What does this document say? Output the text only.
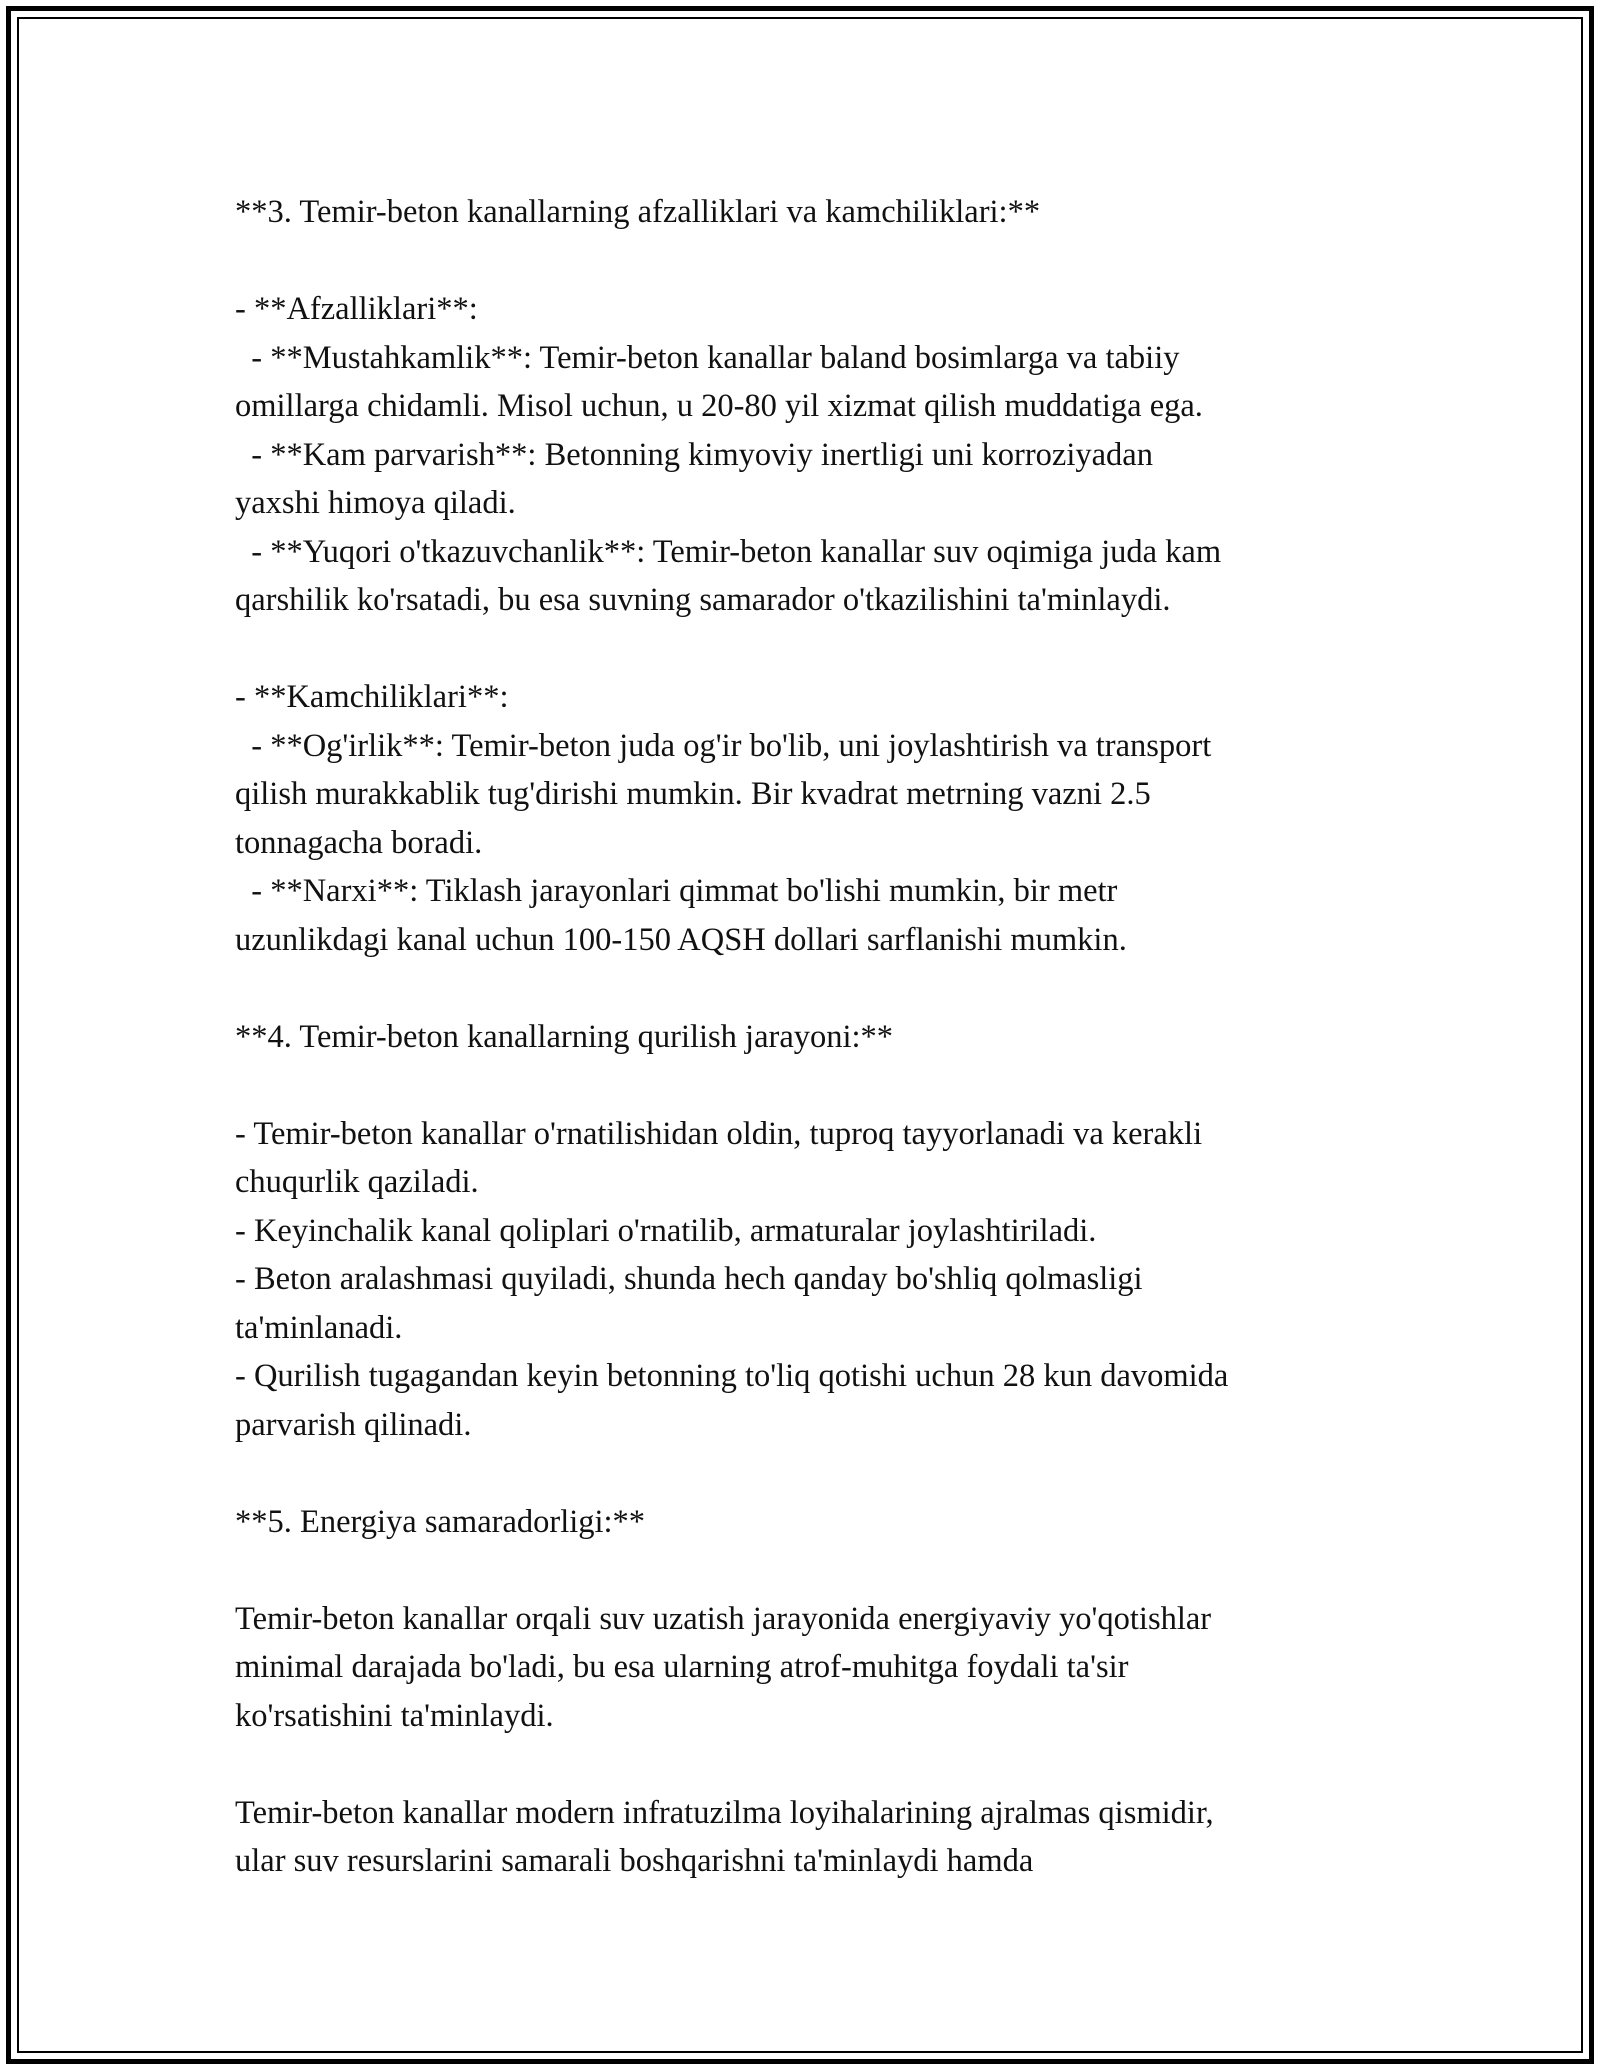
**3. Temir-beton kanallarning afzalliklari va kamchiliklari:**
- **Afzalliklari**:
- **Mustahkamlik**: Temir-beton kanallar baland bosimlarga va tabiiy
omillarga chidamli. Misol uchun, u 20-80 yil xizmat qilish muddatiga ega.
- **Kam parvarish**: Betonning kimyoviy inertligi uni korroziyadan
yaxshi himoya qiladi.
- **Yuqori o'tkazuvchanlik**: Temir-beton kanallar suv oqimiga juda kam
qarshilik ko'rsatadi, bu esa suvning samarador o'tkazilishini ta'minlaydi.
- **Kamchiliklari**:
- **Og'irlik**: Temir-beton juda og'ir bo'lib, uni joylashtirish va transport
qilish murakkablik tug'dirishi mumkin. Bir kvadrat metrning vazni 2.5
tonnagacha boradi.
- **Narxi**: Tiklash jarayonlari qimmat bo'lishi mumkin, bir metr
uzunlikdagi kanal uchun 100-150 AQSH dollari sarflanishi mumkin.
**4. Temir-beton kanallarning qurilish jarayoni:**
- Temir-beton kanallar o'rnatilishidan oldin, tuproq tayyorlanadi va kerakli
chuqurlik qaziladi.
- Keyinchalik kanal qoliplari o'rnatilib, armaturalar joylashtiriladi.
- Beton aralashmasi quyiladi, shunda hech qanday bo'shliq qolmasligi
ta'minlanadi.
- Qurilish tugagandan keyin betonning to'liq qotishi uchun 28 kun davomida
parvarish qilinadi.
**5. Energiya samaradorligi:**
Temir-beton kanallar orqali suv uzatish jarayonida energiyaviy yo'qotishlar
minimal darajada bo'ladi, bu esa ularning atrof-muhitga foydali ta'sir
ko'rsatishini ta'minlaydi.
Temir-beton kanallar modern infratuzilma loyihalarining ajralmas qismidir,
ular suv resurslarini samarali boshqarishni ta'minlaydi hamda
